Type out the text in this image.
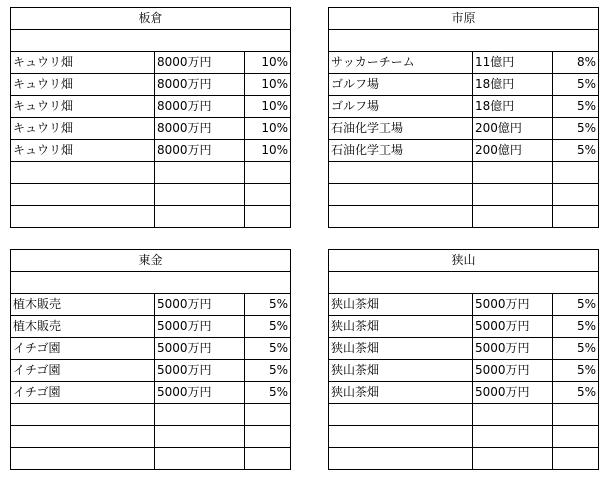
板倉		

キュウリ畑	8000万円	10%
キュウリ畑	8000万円	10%
キュウリ畑	8000万円	10%
キュウリ畑	8000万円	10%
キュウリ畑	8000万円	10%

市原		

サッカーチーム	11億円	8%
ゴルフ場	18億円	5%
ゴルフ場	18億円	5%
石油化学工場	200億円	5%
石油化学工場	200億円	5%

東金		

植木販売	5000万円	5%
植木販売	5000万円	5%
イチゴ園	5000万円	5%
イチゴ園	5000万円	5%
イチゴ園	5000万円	5%

狭山		

狭山茶畑	5000万円	5%
狭山茶畑	5000万円	5%
狭山茶畑	5000万円	5%
狭山茶畑	5000万円	5%
狭山茶畑	5000万円	5%
